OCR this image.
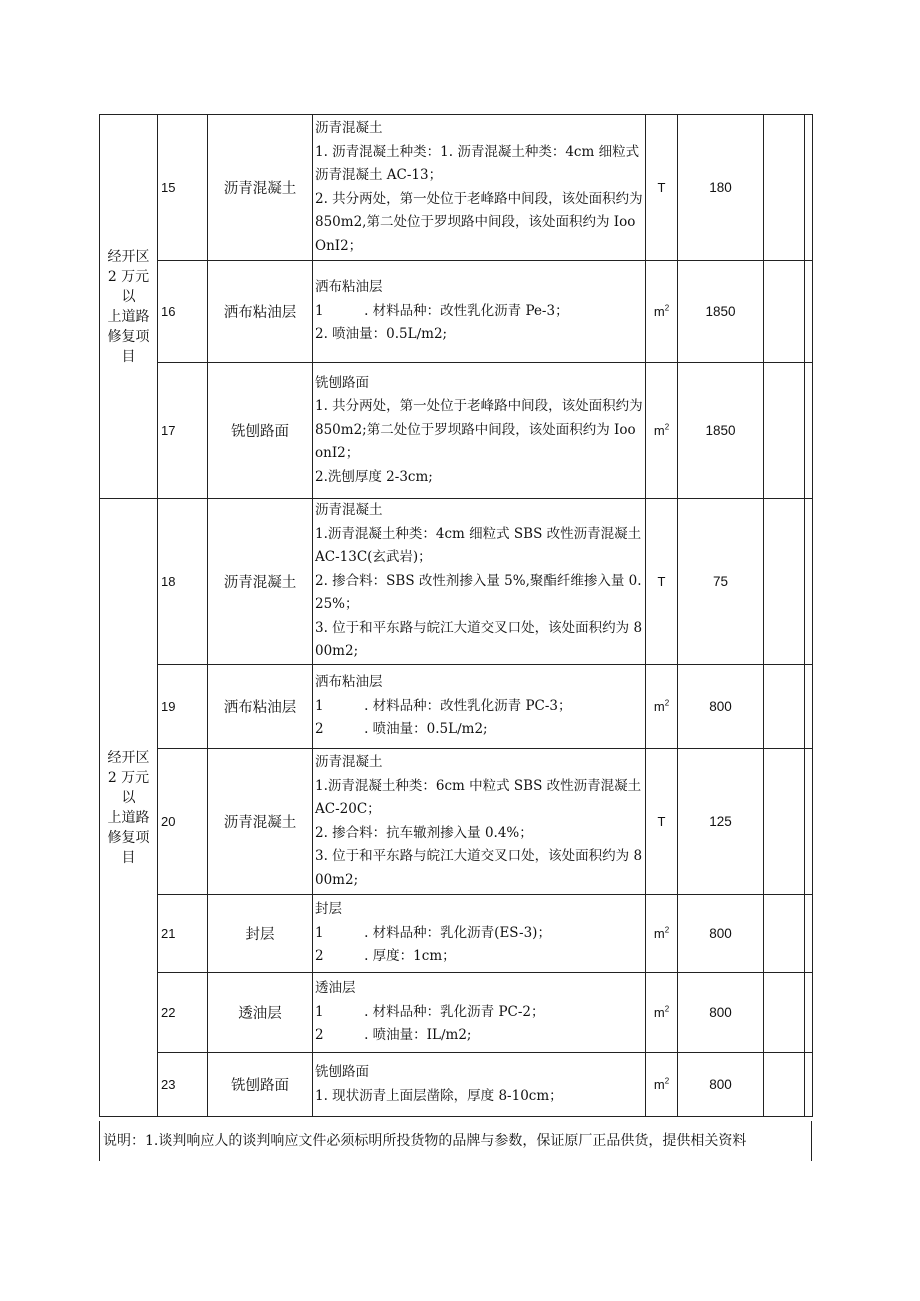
经开区
2 万元以
上道路
修复项
目	15	沥青混凝土	沥青混凝土
1. 沥青混凝土种类：1. 沥青混凝土种类：4cm 细粒式沥青混凝土 AC-13；
2. 共分两处，第一处位于老峰路中间段，该处面积约为 850m2,第二处位于罗坝路中间段，该处面积约为 IooOnI2；	T	180		
	16	洒布粘油层	洒布粘油层
1　　　. 材料品种：改性乳化沥青 Pe-3；
2. 喷油量：0.5L∕m2;	$m^2$	1850		
	17	铣刨路面	铣刨路面
1. 共分两处，第一处位于老峰路中间段，该处面积约为 850m2;第二处位于罗坝路中间段，该处面积约为 IooonI2；
2.洗刨厚度 2-3cm;	$m^2$	1850		

经开区
2 万元以
上道路
修复项
目	18	沥青混凝土	沥青混凝土
1.沥青混凝土种类：4cm 细粒式 SBS 改性沥青混凝土 AC-13C(玄武岩)；
2. 掺合料：SBS 改性剂掺入量 5%,聚酯纤维掺入量 0.25%；
3. 位于和平东路与皖江大道交叉口处，该处面积约为 800m2;	T	75		
	19	洒布粘油层	洒布粘油层
1　　　. 材料品种：改性乳化沥青 PC-3；
2　　　. 喷油量：0.5L∕m2;	$m^2$	800		
	20	沥青混凝土	沥青混凝土
1.沥青混凝土种类：6cm 中粒式 SBS 改性沥青混凝土 AC-20C；
2. 掺合料：抗车辙剂掺入量 0.4%；
3. 位于和平东路与皖江大道交叉口处，该处面积约为 800m2;	T	125		
	21	封层	封层
1　　　. 材料品种：乳化沥青(ES-3)；
2　　　. 厚度：1cm；	$m^2$	800		
	22	透油层	透油层
1　　　. 材料品种：乳化沥青 PC-2；
2　　　. 喷油量：IL∕m2;	$m^2$	800		
	23	铣刨路面	铣刨路面
1. 现状沥青上面层凿除，厚度 8-10cm；	$m^2$	800		
说明：1.谈判响应人的谈判响应文件必须标明所投货物的品牌与参数，保证原厂正品供货，提供相关资料
